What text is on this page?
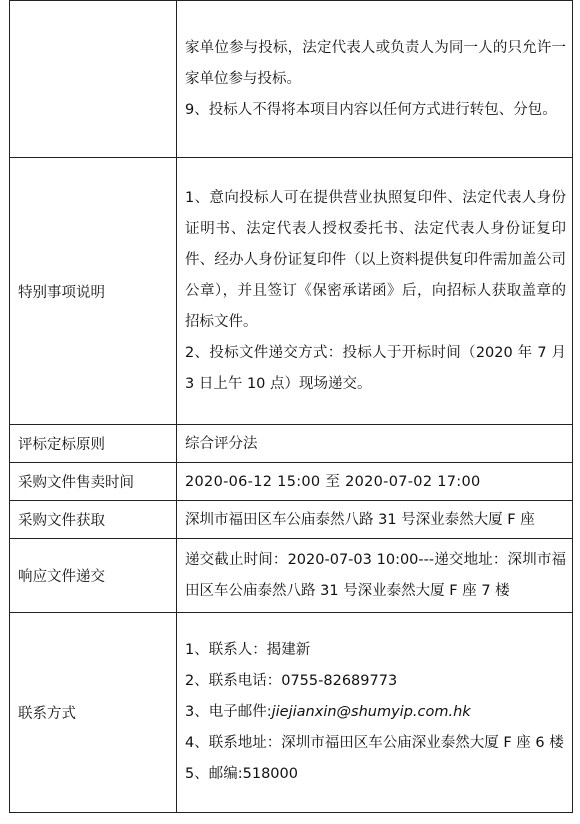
	家单位参与投标，法定代表人或负责人为同一人的只允许一家单位参与投标。

9、投标人不得将本项目内容以任何方式进行转包、分包。

特别事项说明	1、意向投标人可在提供营业执照复印件、法定代表人身份证明书、法定代表人授权委托书、法定代表人身份证复印件、经办人身份证复印件（以上资料提供复印件需加盖公司公章），并且签订《保密承诺函》后，向招标人获取盖章的招标文件。

2、投标文件递交方式：投标人于开标时间（2020 年 7 月 3 日上午 10 点）现场递交。

评标定标原则	综合评分法
采购文件售卖时间	2020-06-12 15:00 至 2020-07-02 17:00
采购文件获取	深圳市福田区车公庙泰然八路 31 号深业泰然大厦 F 座
响应文件递交	递交截止时间：2020-07-03 10:00---递交地址：深圳市福田区车公庙泰然八路 31 号深业泰然大厦 F 座 7 楼

联系方式	1、联系人：揭建新

2、联系电话：0755-82689773

3、电子邮件:jiejianxin@shumyip.com.hk

4、联系地址：深圳市福田区车公庙深业泰然大厦 F 座 6 楼

5、邮编:518000
